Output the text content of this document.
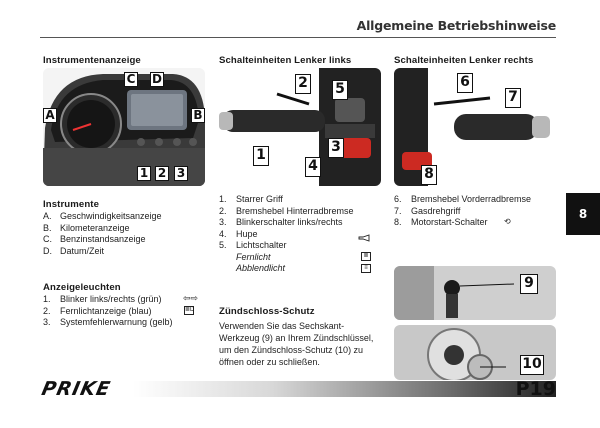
Allgemeine Betriebshinweise
Instrumentenanzeige	Schalteinheiten Lenker links	Schalteinheiten Lenker rechts
C D
A	B
1 2 3
2 5
3
1
4
6
7
8
Instrumente
A. Geschwindigkeitsanzeige
B. Kilometeranzeige
C. Benzinstandsanzeige
D. Datum/Zeit
Anzeigeleuchten
1.	Blinker links/rechts (grün)
2.	Fernlichtanzeige (blau)
3.	Systemfehlerwarnung (gelb)
⇦⇨
≣D
1.	Starrer Griff
2.	Bremshebel Hinterradbremse
3.	Blinkerschalter links/rechts
4.	Hupe
5.	Lichtschalter
Fernlicht
Abblendlicht
≣
≡
6.	Bremshebel Vorderradbremse
7.	Gasdrehgriff
8.	Motorstart-Schalter ⟲
Zündschloss-Schutz
Verwenden Sie das Sechskant-Werkzeug (9) an Ihrem Zündschlüssel, um den Zündschloss-Schutz (10) zu öffnen oder zu schließen.
9
10
8
PRIKE	P19
